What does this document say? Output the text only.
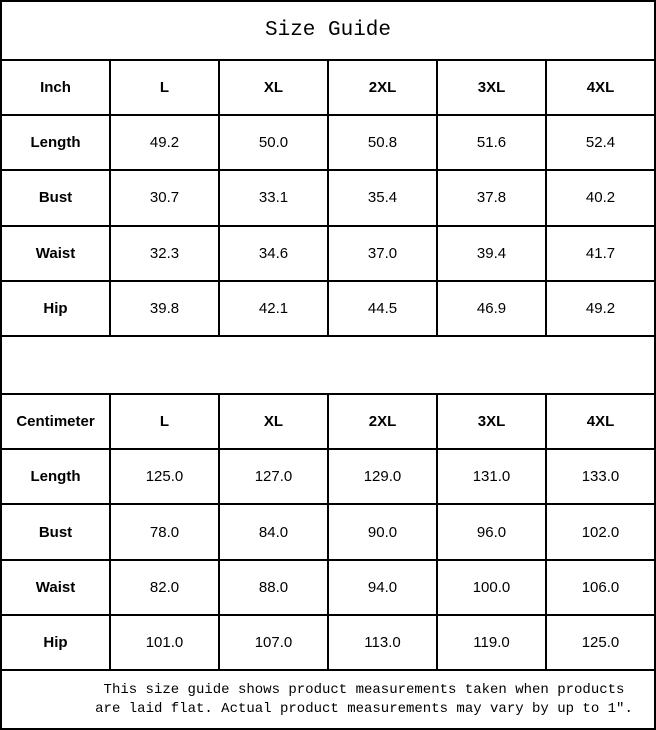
Size Guide					
Inch	L	XL	2XL	3XL	4XL
Length	49.2	50.0	50.8	51.6	52.4
Bust	30.7	33.1	35.4	37.8	40.2
Waist	32.3	34.6	37.0	39.4	41.7
Hip	39.8	42.1	44.5	46.9	49.2

Centimeter	L	XL	2XL	3XL	4XL
Length	125.0	127.0	129.0	131.0	133.0
Bust	78.0	84.0	90.0	96.0	102.0
Waist	82.0	88.0	94.0	100.0	106.0
Hip	101.0	107.0	113.0	119.0	125.0

This size guide shows product measurements taken when products
are laid flat. Actual product measurements may vary by up to 1″.					
